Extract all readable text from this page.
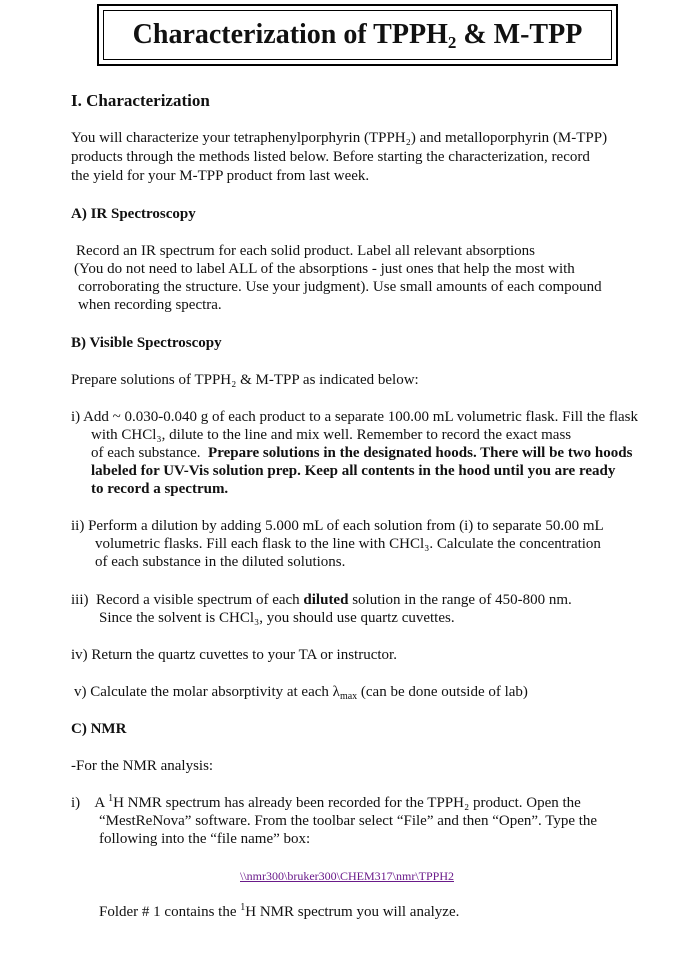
Characterization of TPPH2 & M-TPP
I. Characterization
You will characterize your tetraphenylporphyrin (TPPH₂) and metalloporphyrin (M-TPP)
products through the methods listed below. Before starting the characterization, record
the yield for your M-TPP product from last week.
A) IR Spectroscopy
Record an IR spectrum for each solid product. Label all relevant absorptions
(You do not need to label ALL of the absorptions - just ones that help the most with
corroborating the structure. Use your judgment). Use small amounts of each compound
when recording spectra.
B) Visible Spectroscopy
Prepare solutions of TPPH₂ & M-TPP as indicated below:
i) Add ~ 0.030-0.040 g of each product to a separate 100.00 mL volumetric flask. Fill the flask
with CHCl₃, dilute to the line and mix well. Remember to record the exact mass
of each substance.  Prepare solutions in the designated hoods. There will be two hoods
labeled for UV-Vis solution prep. Keep all contents in the hood until you are ready
to record a spectrum.
ii) Perform a dilution by adding 5.000 mL of each solution from (i) to separate 50.00 mL
volumetric flasks. Fill each flask to the line with CHCl₃. Calculate the concentration
of each substance in the diluted solutions.
iii)  Record a visible spectrum of each diluted solution in the range of 450-800 nm.
Since the solvent is CHCl₃, you should use quartz cuvettes.
iv) Return the quartz cuvettes to your TA or instructor.
v) Calculate the molar absorptivity at each $\lambda_{max}$ (can be done outside of lab)
C) NMR
-For the NMR analysis:
i)    A $^1$H NMR spectrum has already been recorded for the TPPH₂ product. Open the
“MestReNova” software. From the toolbar select “File” and then “Open”. Type the
following into the “file name” box:
\\nmr300\bruker300\CHEM317\nmr\TPPH2
Folder # 1 contains the $^1$H NMR spectrum you will analyze.
